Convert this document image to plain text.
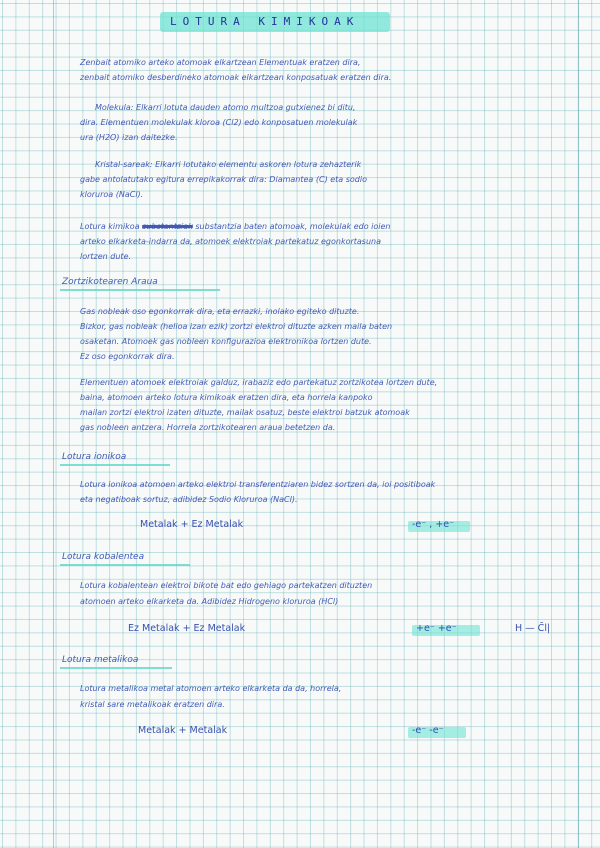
LOTURA KIMIKOAK
Zenbait atomiko arteko atomoak elkartzean Elementuak eratzen dira,
zenbait atomiko desberdineko atomoak elkartzean konposatuak eratzen dira.
Molekula: Elkarri lotuta dauden atomo multzoa gutxienez bi ditu,
dira. Elementuen molekulak kloroa (Cl2) edo konposatuen molekulak
ura (H2O) izan daitezke.
Kristal-sareak: Elkarri lotutako elementu askoren lotura zehazterik
gabe antolatutako egitura errepikakorrak dira: Diamantea (C) eta sodio
kloruroa (NaCl).
Lotura kimikoa substantziak substantzia baten atomoak, molekulak edo ioien
arteko elkarketa-indarra da, atomoek elektroiak partekatuz egonkortasuna
lortzen dute.
Zortzikotearen Araua
Gas nobleak oso egonkorrak dira, eta errazki, inolako egiteko dituzte.
Bizkor, gas nobleak (helioa izan ezik) zortzi elektroi dituzte azken maila baten
osaketan. Atomoek gas nobleen konfigurazioa elektronikoa lortzen dute.
Ez oso egonkorrak dira.
Elementuen atomoek elektroiak galduz, irabaziz edo partekatuz zortzikotea lortzen dute,
baina, atomoen arteko lotura kimikoak eratzen dira, eta horrela kanpoko
mailan zortzi elektroi izaten dituzte, mailak osatuz, beste elektroi batzuk atomoak
gas nobleen antzera. Horrela zortzikotearen araua betetzen da.
Lotura ionikoa
Lotura ionikoa atomoen arteko elektroi transferentziaren bidez sortzen da, ioi positiboak
eta negatiboak sortuz, adibidez Sodio Kloruroa (NaCl).
Metalak + Ez Metalak	-e⁻ , +e⁻
Lotura kobalentea
Lotura kobalentean elektroi bikote bat edo gehiago partekatzen dituzten
atomoen arteko elkarketa da. Adibidez Hidrogeno kloruroa (HCl)
Ez Metalak + Ez Metalak	+e⁻ +e⁻	H — C̄l|
Lotura metalikoa
Lotura metalikoa metal atomoen arteko elkarketa da da, horrela,
kristal sare metalikoak eratzen dira.
Metalak + Metalak	-e⁻ -e⁻
